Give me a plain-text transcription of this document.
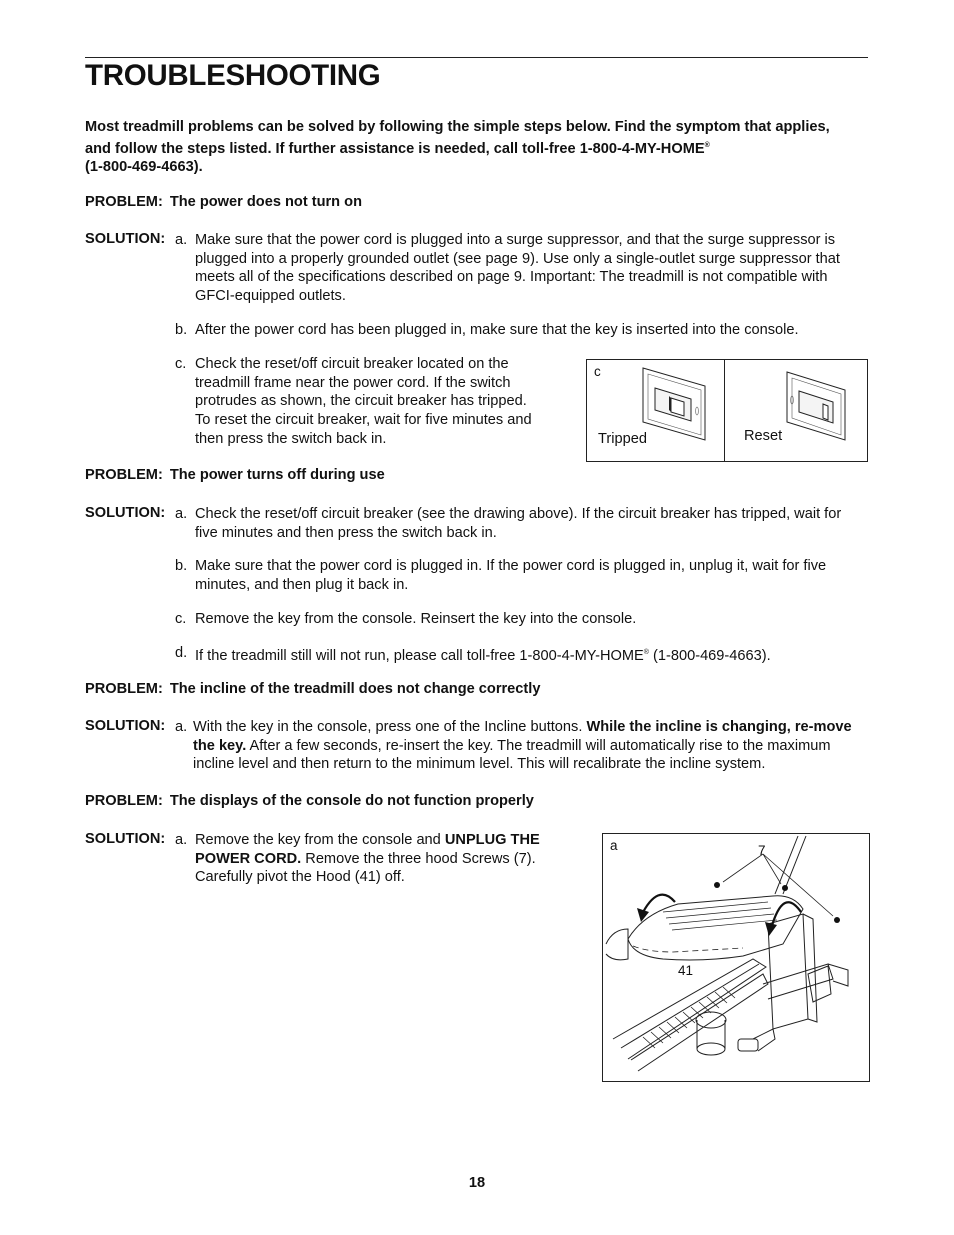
TROUBLESHOOTING
Most treadmill problems can be solved by following the simple steps below. Find the symptom that applies, and follow the steps listed. If further assistance is needed, call toll-free 1-800-4-MY-HOME®
(1-800-469-4663).
PROBLEM: The power does not turn on
SOLUTION: a. Make sure that the power cord is plugged into a surge suppressor, and that the surge suppressor is plugged into a properly grounded outlet (see page 9). Use only a single-outlet surge suppressor that meets all of the specifications described on page 9. Important: The treadmill is not compatible with GFCI-equipped outlets.
b. After the power cord has been plugged in, make sure that the key is inserted into the console.
c. Check the reset/off circuit breaker located on the treadmill frame near the power cord. If the switch protrudes as shown, the circuit breaker has tripped. To reset the circuit breaker, wait for five minutes and then press the switch back in.
c
Tripped	Reset
PROBLEM: The power turns off during use
SOLUTION: a. Check the reset/off circuit breaker (see the drawing above). If the circuit breaker has tripped, wait for five minutes and then press the switch back in.
b. Make sure that the power cord is plugged in. If the power cord is plugged in, unplug it, wait for five minutes, and then plug it back in.
c. Remove the key from the console. Reinsert the key into the console.
d. If the treadmill still will not run, please call toll-free 1-800-4-MY-HOME® (1-800-469-4663).
PROBLEM: The incline of the treadmill does not change correctly
SOLUTION: a. With the key in the console, press one of the Incline buttons. While the incline is changing, re-move the key. After a few seconds, re-insert the key. The treadmill will automatically rise to the maximum incline level and then return to the minimum level. This will recalibrate the incline system.
PROBLEM: The displays of the console do not function properly
SOLUTION: a. Remove the key from the console and UNPLUG THE POWER CORD. Remove the three hood Screws (7). Carefully pivot the Hood (41) off.
a	7
41
18
